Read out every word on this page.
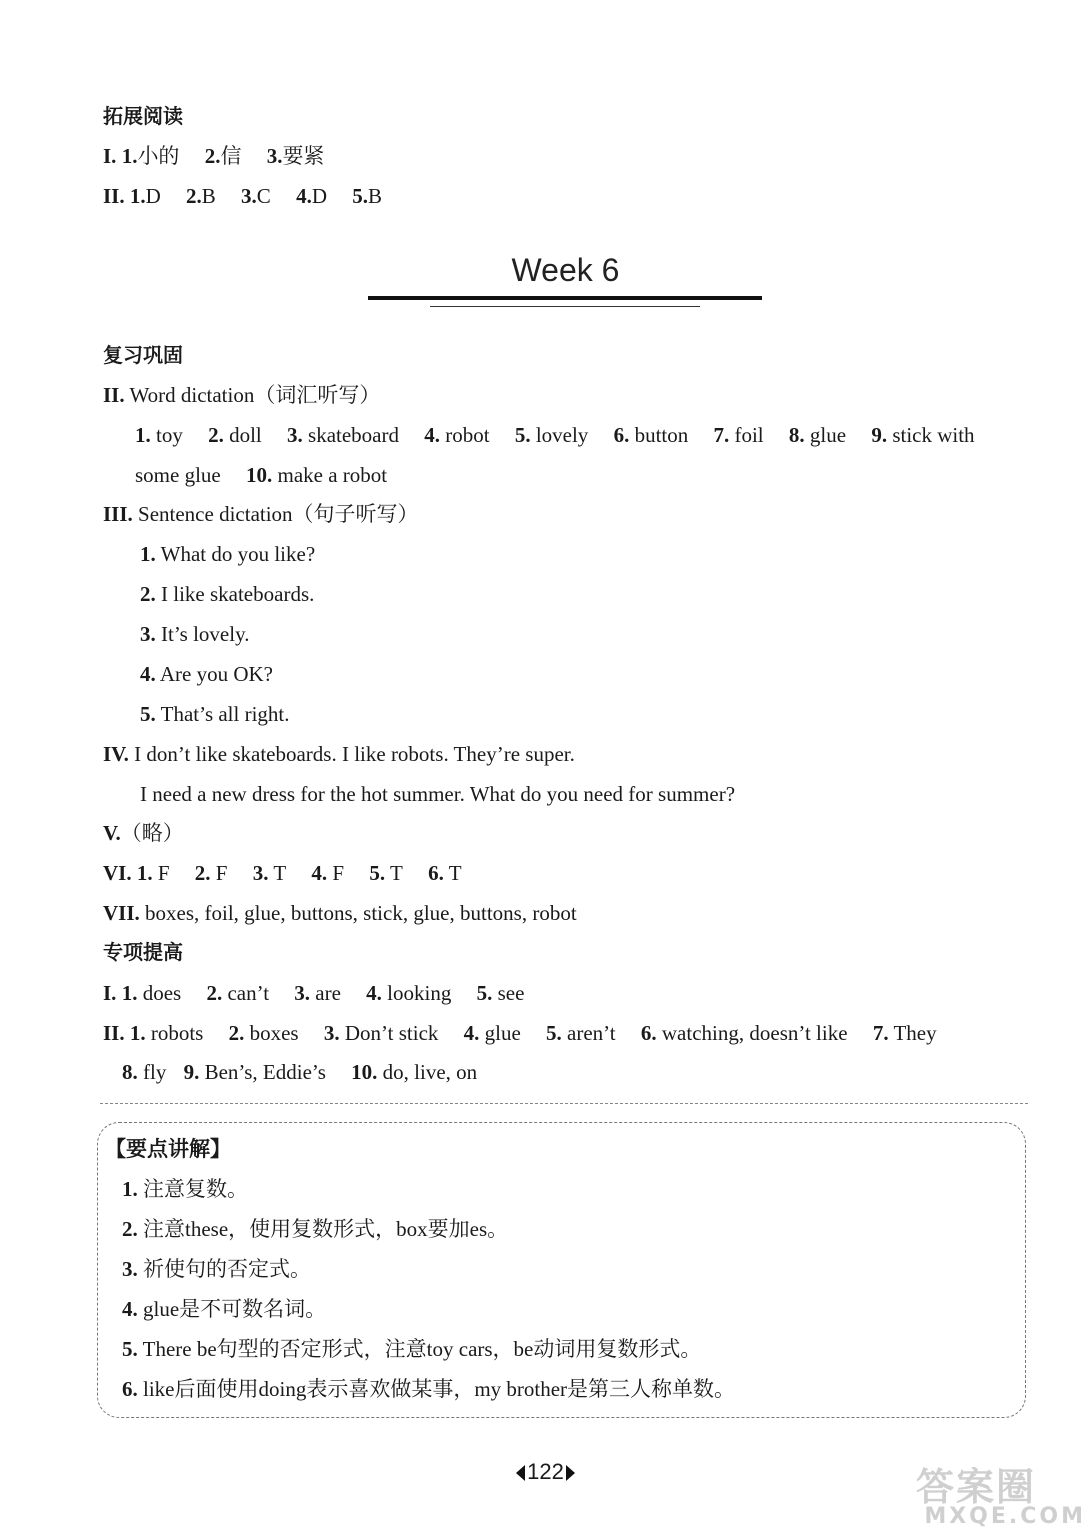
拓展阅读
I. 1.小的 2.信 3.要紧
II. 1.D 2.B 3.C 4.D 5.B
Week 6
复习巩固
II. Word dictation（词汇听写）
1. toy 2. doll 3. skateboard 4. robot 5. lovely 6. button 7. foil 8. glue 9. stick with
some glue 10. make a robot
III. Sentence dictation（句子听写）
1. What do you like?
2. I like skateboards.
3. It’s lovely.
4. Are you OK?
5. That’s all right.
IV. I don’t like skateboards. I like robots. They’re super.
I need a new dress for the hot summer. What do you need for summer?
V.（略）
VI. 1. F 2. F 3. T 4. F 5. T 6. T
VII. boxes, foil, glue, buttons, stick, glue, buttons, robot
专项提高
I. 1. does 2. can’t 3. are 4. looking 5. see
II. 1. robots 2. boxes 3. Don’t stick 4. glue 5. aren’t 6. watching, doesn’t like 7. They
8. fly 9. Ben’s, Eddie’s 10. do, live, on
【要点讲解】
1. 注意复数。
2. 注意these，使用复数形式，box要加es。
3. 祈使句的否定式。
4. glue是不可数名词。
5. There be句型的否定形式，注意toy cars，be动词用复数形式。
6. like后面使用doing表示喜欢做某事，my brother是第三人称单数。
122	答案圈
MXQE.COM
